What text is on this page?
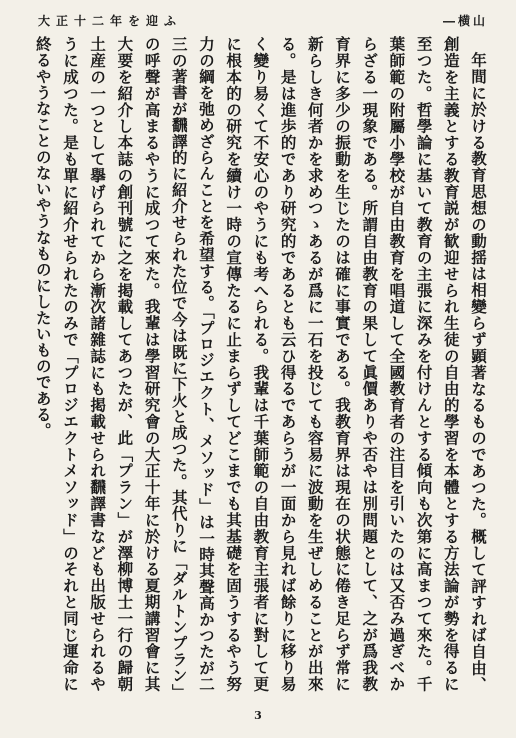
大正十二年を迎ふ	―横山

年間に於ける教育思想の動揺は相變らず顕著なるものであつた。概して評すれば自由、創造を主義とする教育説が歓迎せられ生徒の自由的學習を本體とする方法論が勢を得るに至つた。哲學論に基いて教育の主張に深みを付けんとする傾向も次第に高まつて來た。千葉師範の附屬小學校が自由教育を唱道して全國教育者の注目を引いたのは又否み過ぎべからざる一現象である。所謂自由教育の果して眞價ありや否やは別問題として、之が爲我教育界に多少の振動を生じたのは確に事實である。我教育界は現在の状態に倦き足らず常に新らしき何者かを求めつゝあるが爲に一石を投じても容易に波動を生ぜしめることが出來る。是は進歩的であり研究的であるとも云ひ得るであらうが一面から見れば餘りに移り易く變り易くて不安心のやうにも考へられる。我輩は千葉師範の自由教育主張者に對して更に根本的の研究を續け一時の宣傳たるに止まらずしてどこまでも其基礎を固うするやう努力の綱を弛めざらんことを希望する。「プロジエクト、メソッド」は一時其聲高かつたが二三の著書が飜譯的に紹介せられた位で今は既に下火と成つた。其代りに「ダルトンプラン」の呼聲が高まるやうに成つて來た。我輩は學習研究會の大正十年に於ける夏期講習會に其大要を紹介し本誌の創刊號に之を掲載してあつたが、此「プラン」が澤柳博士一行の歸朝土産の一つとして擧げられてから漸次諸雜誌にも掲載せられ飜譯書なども出版せられるやうに成つた。是も單に紹介せられたのみで「プロジエクトメソッド」のそれと同じ運命に終るやうなことのないやうなものにしたいものである。

3
